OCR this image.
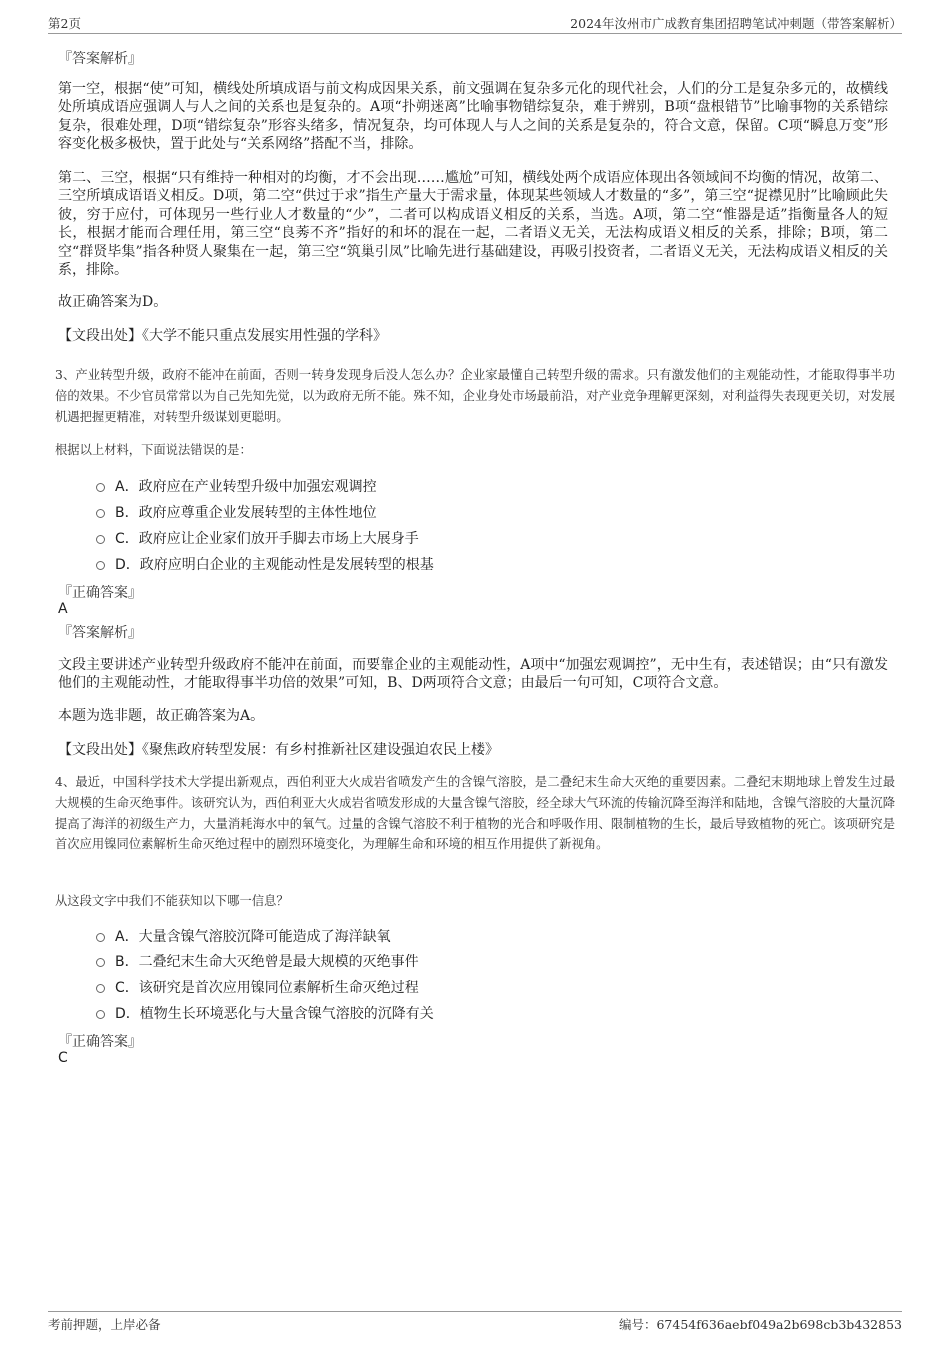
第2页	2024年汝州市广成教育集团招聘笔试冲刺题（带答案解析）
『答案解析』

第一空，根据“使”可知，横线处所填成语与前文构成因果关系，前文强调在复杂多元化的现代社会，人们的分工是复杂多元的，故横线处所填成语应强调人与人之间的关系也是复杂的。A项“扑朔迷离”比喻事物错综复杂，难于辨别，B项“盘根错节”比喻事物的关系错综复杂，很难处理，D项“错综复杂”形容头绪多，情况复杂，均可体现人与人之间的关系是复杂的，符合文意，保留。C项“瞬息万变”形容变化极多极快，置于此处与“关系网络”搭配不当，排除。

第二、三空，根据“只有维持一种相对的均衡，才不会出现……尴尬”可知，横线处两个成语应体现出各领域间不均衡的情况，故第二、三空所填成语语义相反。D项，第二空“供过于求”指生产量大于需求量，体现某些领域人才数量的“多”，第三空“捉襟见肘”比喻顾此失彼，穷于应付，可体现另一些行业人才数量的“少”，二者可以构成语义相反的关系，当选。A项，第二空“惟器是适”指衡量各人的短长，根据才能而合理任用，第三空“良莠不齐”指好的和坏的混在一起，二者语义无关，无法构成语义相反的关系，排除；B项，第二空“群贤毕集”指各种贤人聚集在一起，第三空“筑巢引凤”比喻先进行基础建设，再吸引投资者，二者语义无关，无法构成语义相反的关系，排除。

故正确答案为D。

【文段出处】《大学不能只重点发展实用性强的学科》

3、产业转型升级，政府不能冲在前面，否则一转身发现身后没人怎么办？企业家最懂自己转型升级的需求。只有激发他们的主观能动性，才能取得事半功倍的效果。不少官员常常以为自己先知先觉，以为政府无所不能。殊不知，企业身处市场最前沿，对产业竞争理解更深刻，对利益得失表现更关切，对发展机遇把握更精准，对转型升级谋划更聪明。

根据以上材料，下面说法错误的是：

A．政府应在产业转型升级中加强宏观调控
B．政府应尊重企业发展转型的主体性地位
C．政府应让企业家们放开手脚去市场上大展身手
D．政府应明白企业的主观能动性是发展转型的根基
『正确答案』
A
『答案解析』

文段主要讲述产业转型升级政府不能冲在前面，而要靠企业的主观能动性，A项中“加强宏观调控”，无中生有，表述错误；由“只有激发他们的主观能动性，才能取得事半功倍的效果”可知，B、D两项符合文意；由最后一句可知，C项符合文意。

本题为选非题，故正确答案为A。

【文段出处】《聚焦政府转型发展：有乡村推新社区建设强迫农民上楼》

4、最近，中国科学技术大学提出新观点，西伯利亚大火成岩省喷发产生的含镍气溶胶，是二叠纪末生命大灭绝的重要因素。二叠纪末期地球上曾发生过最大规模的生命灭绝事件。该研究认为，西伯利亚大火成岩省喷发形成的大量含镍气溶胶，经全球大气环流的传输沉降至海洋和陆地，含镍气溶胶的大量沉降提高了海洋的初级生产力，大量消耗海水中的氧气。过量的含镍气溶胶不利于植物的光合和呼吸作用、限制植物的生长，最后导致植物的死亡。该项研究是首次应用镍同位素解析生命灭绝过程中的剧烈环境变化，为理解生命和环境的相互作用提供了新视角。

从这段文字中我们不能获知以下哪一信息？

A．大量含镍气溶胶沉降可能造成了海洋缺氧
B．二叠纪末生命大灭绝曾是最大规模的灭绝事件
C．该研究是首次应用镍同位素解析生命灭绝过程
D．植物生长环境恶化与大量含镍气溶胶的沉降有关
『正确答案』
C
考前押题，上岸必备	编号：67454f636aebf049a2b698cb3b432853
